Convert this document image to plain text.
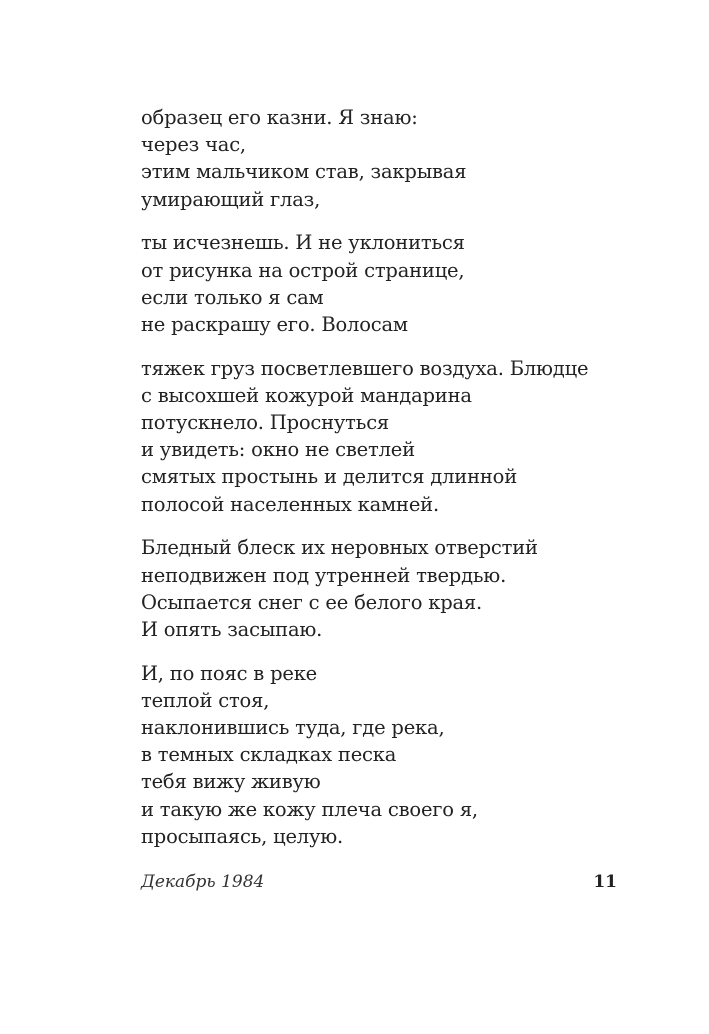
образец его казни. Я знаю:
через час,
этим мальчиком став, закрывая
умирающий глаз,
ты исчезнешь. И не уклониться
от рисунка на острой странице,
если только я сам
не раскрашу его. Волосам
тяжек груз посветлевшего воздуха. Блюдце
с высохшей кожурой мандарина
потускнело. Проснуться
и увидеть: окно не светлей
смятых простынь и делится длинной
полосой населенных камней.
Бледный блеск их неровных отверстий
неподвижен под утренней твердью.
Осыпается снег с ее белого края.
И опять засыпаю.
И, по пояс в реке
теплой стоя,
наклонившись туда, где река,
в темных складках песка
тебя вижу живую
и такую же кожу плеча своего я,
просыпаясь, целую.
Декабрь 1984	11
